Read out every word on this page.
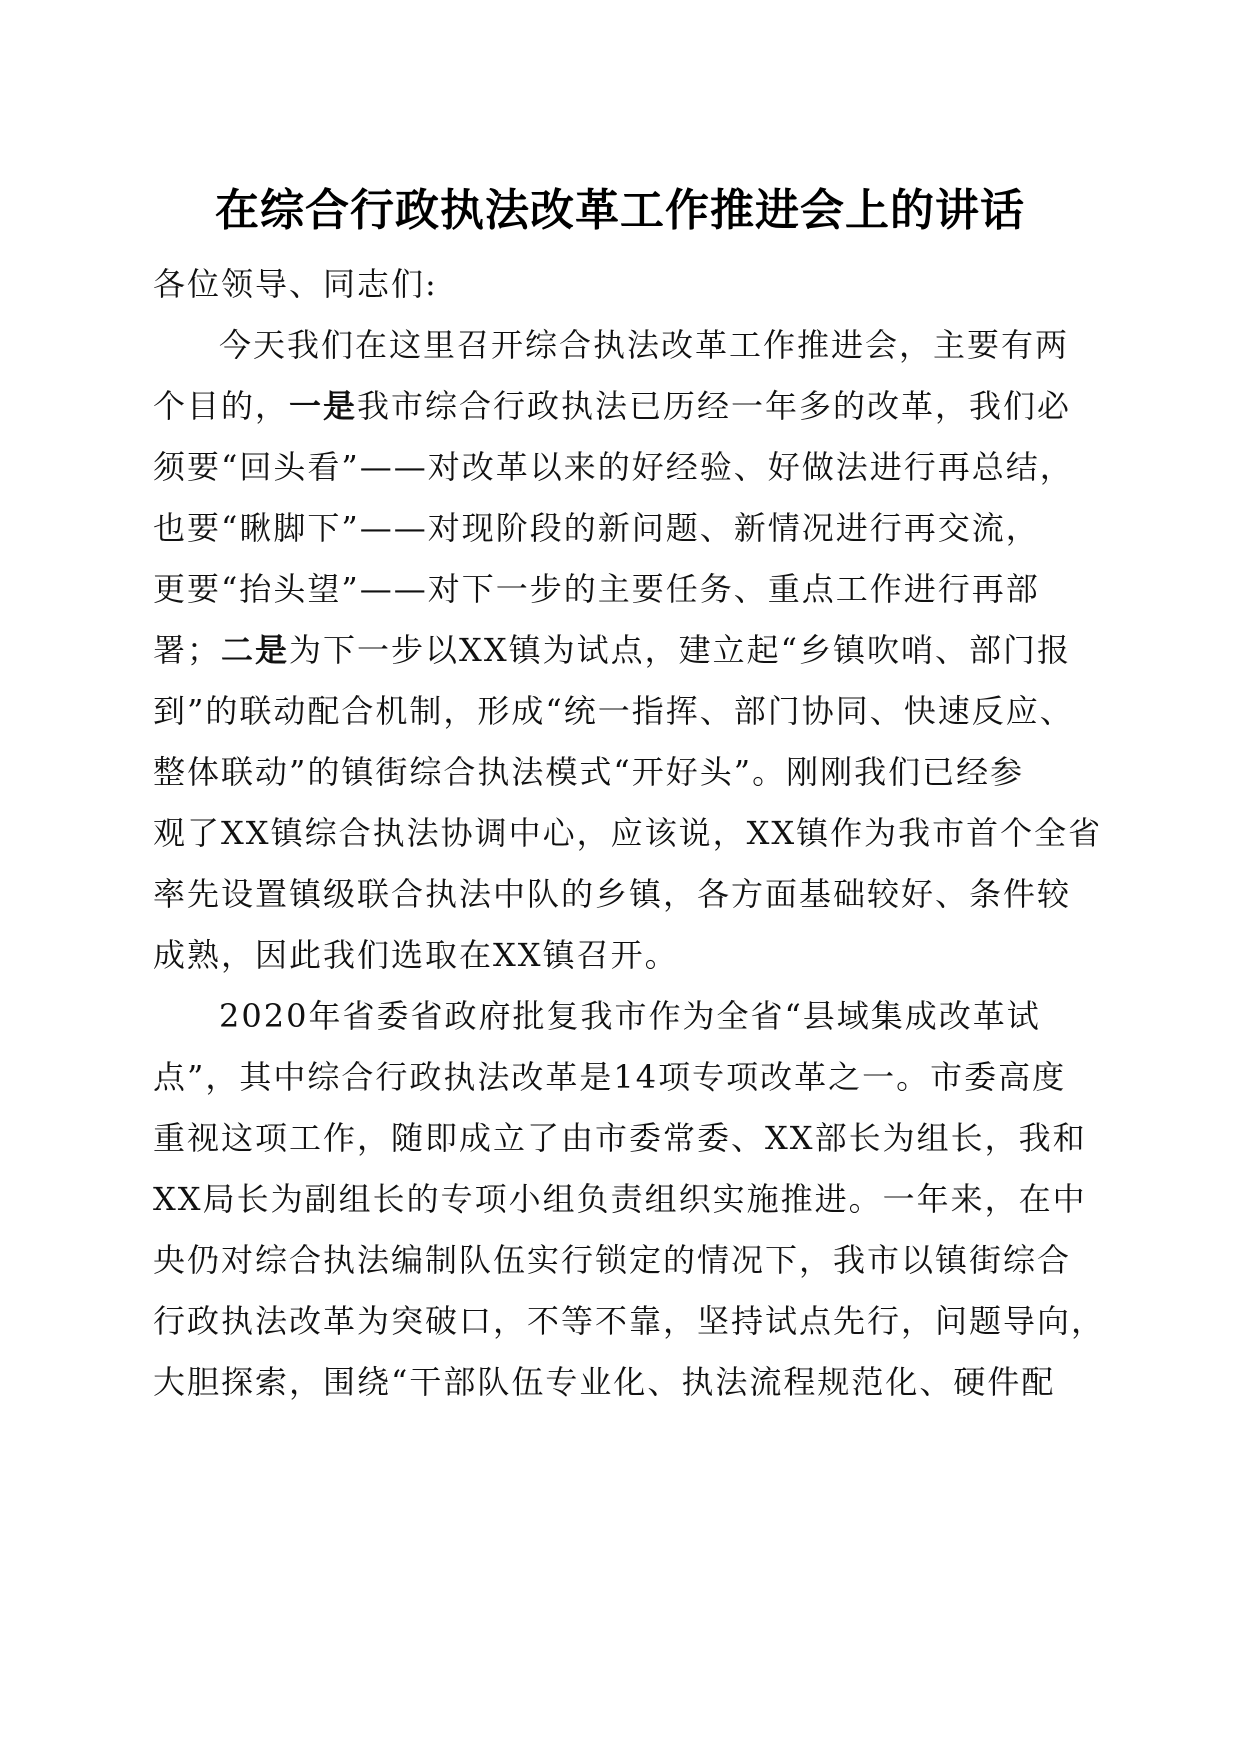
在综合行政执法改革工作推进会上的讲话
各位领导、同志们:
今天我们在这里召开综合执法改革工作推进会，主要有两
个目的，一是我市综合行政执法已历经一年多的改革，我们必
须要“回头看”——对改革以来的好经验、好做法进行再总结，
也要“瞅脚下”——对现阶段的新问题、新情况进行再交流，
更要“抬头望”——对下一步的主要任务、重点工作进行再部
署；二是为下一步以XX镇为试点，建立起“乡镇吹哨、部门报
到”的联动配合机制，形成“统一指挥、部门协同、快速反应、
整体联动”的镇街综合执法模式“开好头”。刚刚我们已经参
观了XX镇综合执法协调中心，应该说，XX镇作为我市首个全省
率先设置镇级联合执法中队的乡镇，各方面基础较好、条件较
成熟，因此我们选取在XX镇召开。
2020年省委省政府批复我市作为全省“县域集成改革试
点”，其中综合行政执法改革是14项专项改革之一。市委高度
重视这项工作，随即成立了由市委常委、XX部长为组长，我和
XX局长为副组长的专项小组负责组织实施推进。一年来，在中
央仍对综合执法编制队伍实行锁定的情况下，我市以镇街综合
行政执法改革为突破口，不等不靠，坚持试点先行，问题导向，
大胆探索，围绕“干部队伍专业化、执法流程规范化、硬件配
